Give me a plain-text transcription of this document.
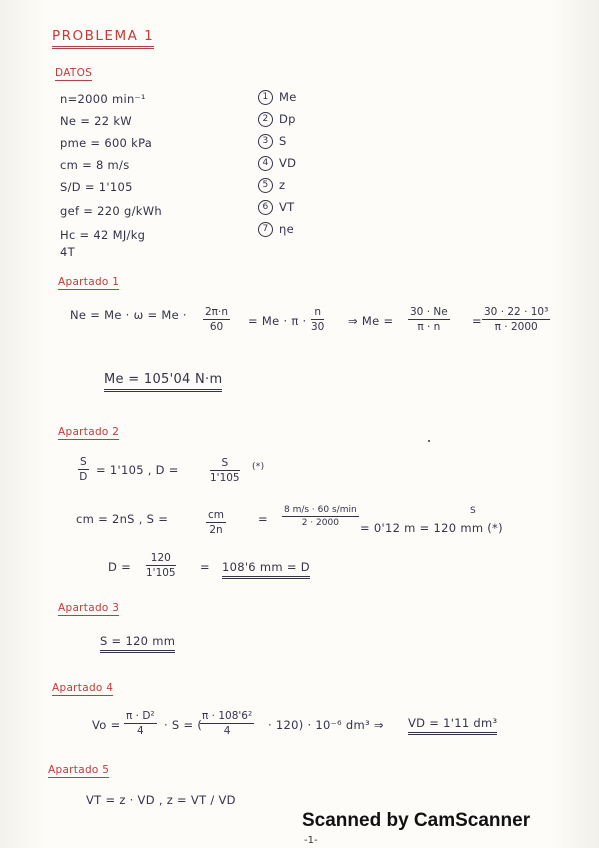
PROBLEMA 1
DATOS
n=2000 min⁻¹
Ne = 22 kW
pme = 600 kPa
cm = 8 m/s
S/D = 1'105
gef = 220 g/kWh
Hc = 42 MJ/kg
4T
1 Me
2 Dp
3 S
4 VD
5 z
6 VT
7 ηe
Apartado 1
$Ne = Me \cdot \omega = Me \cdot \frac{2\pi\cdot n}{60} = Me \cdot \pi \cdot \frac{n}{30}$ ⇒ $Me = \frac{30 \cdot Ne}{\pi \cdot n} = \frac{\text{30 · 22 · 10³}}{\pi \cdot 2000}$
Me = 105'04 N·m
Apartado 2
$\frac{S}{D} = 1'105$ , D =	$\frac{S}{1'105}$ (*)
cm = 2nS , S =	$\frac{cm}{2n}$	=
8 m/s · 60 s/min
2 · 2000	= 0'12 m = 120 mm (*)
S
$D = \frac{120}{1'105} = 108'6$ mm = D
Apartado 3
S = 120 mm
Apartado 4
$Vo = \frac{\text{π · D²}}{4} \cdot S$ = (
$\frac{\text{π · 108'6²}}{4} \cdot 120) \cdot 10^{-6}$ dm³ ⇒ VD = 1'11 dm³
Apartado 5
VT = z · VD , z = VT / VD
Scanned by CamScanner
-1-
